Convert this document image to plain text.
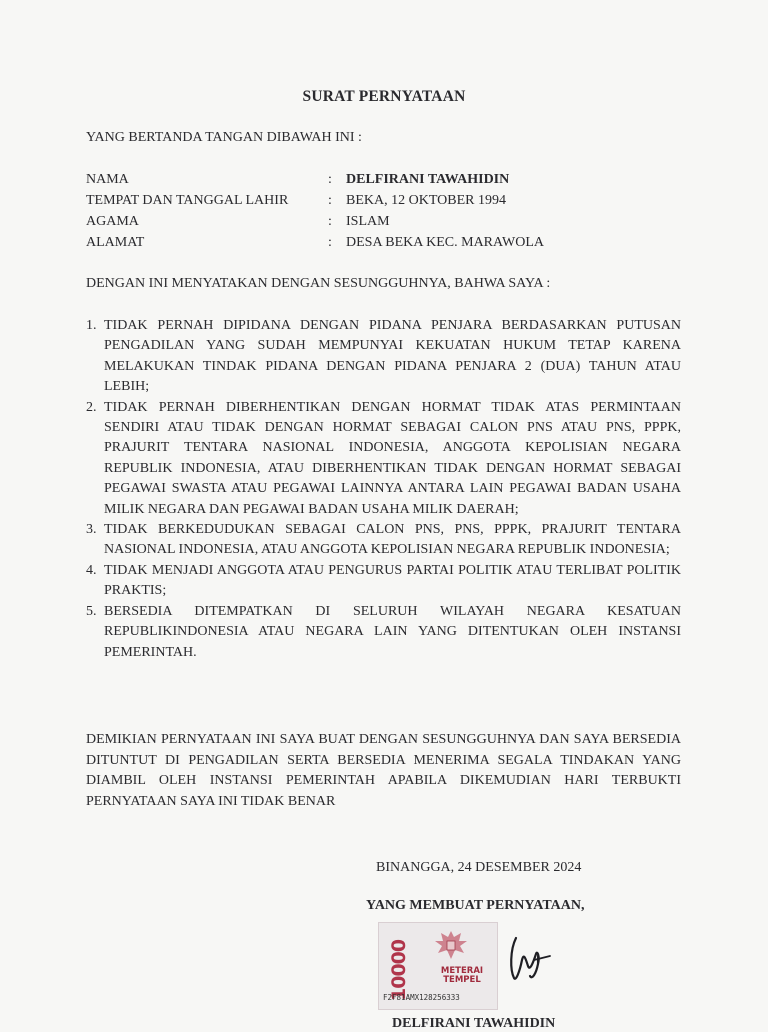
SURAT PERNYATAAN
YANG BERTANDA TANGAN DIBAWAH INI :
NAMA	: DELFIRANI TAWAHIDIN
TEMPAT DAN TANGGAL LAHIR	: BEKA, 12 OKTOBER 1994
AGAMA	: ISLAM
ALAMAT	: DESA BEKA KEC. MARAWOLA
DENGAN INI MENYATAKAN DENGAN SESUNGGUHNYA, BAHWA SAYA :
1. TIDAK PERNAH DIPIDANA DENGAN PIDANA PENJARA BERDASARKAN PUTUSAN PENGADILAN YANG SUDAH MEMPUNYAI KEKUATAN HUKUM TETAP KARENA MELAKUKAN TINDAK PIDANA DENGAN PIDANA PENJARA 2 (DUA) TAHUN ATAU LEBIH;
2. TIDAK PERNAH DIBERHENTIKAN DENGAN HORMAT TIDAK ATAS PERMINTAAN SENDIRI ATAU TIDAK DENGAN HORMAT SEBAGAI CALON PNS ATAU PNS, PPPK, PRAJURIT TENTARA NASIONAL INDONESIA, ANGGOTA KEPOLISIAN NEGARA REPUBLIK INDONESIA, ATAU DIBERHENTIKAN TIDAK DENGAN HORMAT SEBAGAI PEGAWAI SWASTA ATAU PEGAWAI LAINNYA ANTARA LAIN PEGAWAI BADAN USAHA MILIK NEGARA DAN PEGAWAI BADAN USAHA MILIK DAERAH;
3. TIDAK BERKEDUDUKAN SEBAGAI CALON PNS, PNS, PPPK, PRAJURIT TENTARA NASIONAL INDONESIA, ATAU ANGGOTA KEPOLISIAN NEGARA REPUBLIK INDONESIA;
4. TIDAK MENJADI ANGGOTA ATAU PENGURUS PARTAI POLITIK ATAU TERLIBAT POLITIK PRAKTIS;
5. BERSEDIA DITEMPATKAN DI SELURUH WILAYAH NEGARA KESATUAN REPUBLIKINDONESIA ATAU NEGARA LAIN YANG DITENTUKAN OLEH INSTANSI PEMERINTAH.
DEMIKIAN PERNYATAAN INI SAYA BUAT DENGAN SESUNGGUHNYA DAN SAYA BERSEDIA DITUNTUT DI PENGADILAN SERTA BERSEDIA MENERIMA SEGALA TINDAKAN YANG DIAMBIL OLEH INSTANSI PEMERINTAH APABILA DIKEMUDIAN HARI TERBUKTI PERNYATAAN SAYA INI TIDAK BENAR
BINANGGA, 24 DESEMBER 2024
YANG MEMBUAT PERNYATAAN,
10000	METERAI
TEMPEL
F2F81AMX128256333
DELFIRANI TAWAHIDIN
